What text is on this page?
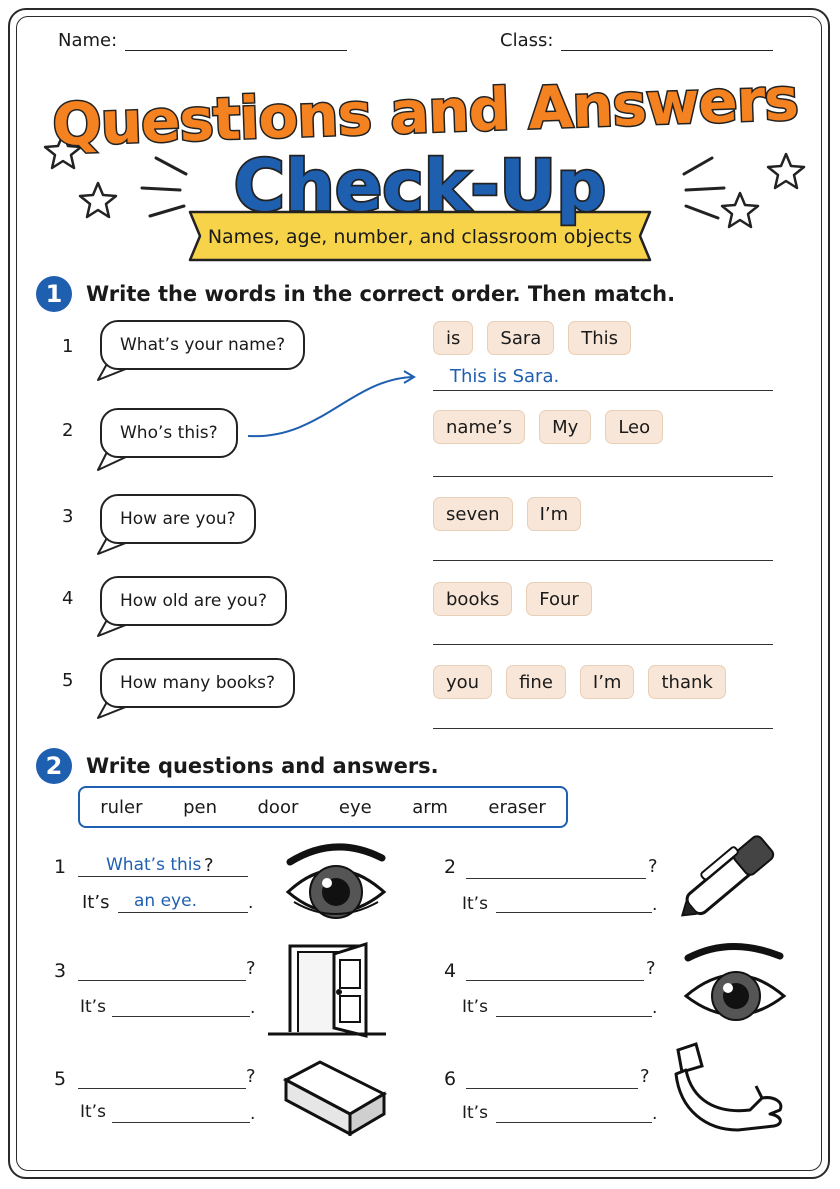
Name:	Class:
Questions and Answers
Check-Up
Names, age, number, and classroom objects
1	Write the words in the correct order. Then match.
1	What’s your name?	is	Sara	This
This is Sara.
2	Who’s this?	name’s	My	Leo
3	How are you?	seven	I’m
4	How old are you?	books	Four
5	How many books?	you	fine	I’m	thank
2	Write questions and answers.
ruler pen door eye arm eraser
1 What’s this ?
It’s an eye.	.
2	?
It’s	.
3	?
It’s	.
4	?
It’s	.
5	?
It’s	.
6	?
It’s	.
